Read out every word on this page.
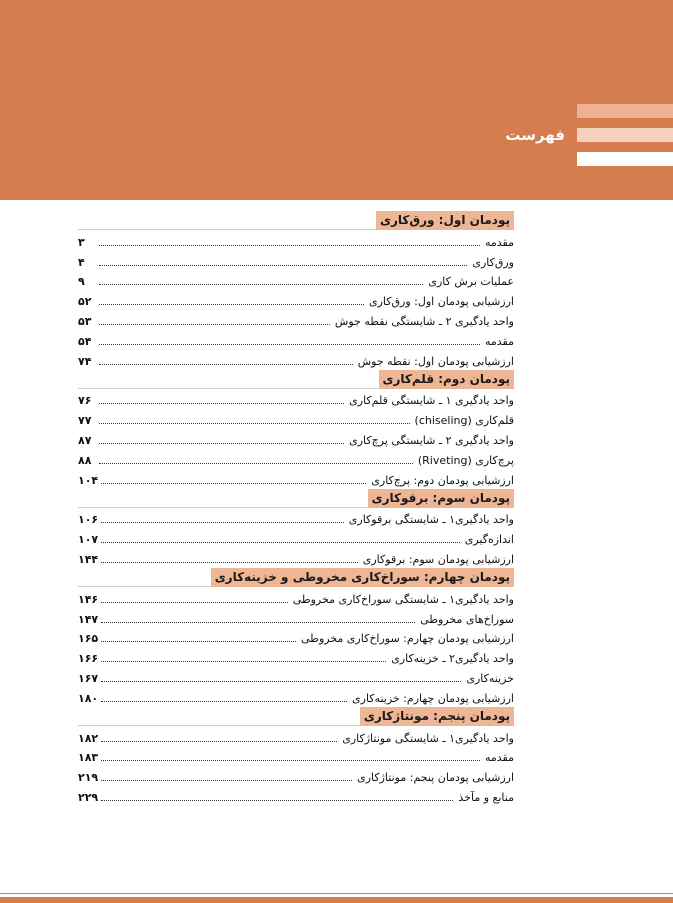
فهرست
پودمان اول: ورق‌کاری
مقدمه
۳
ورق‌کاری
۴
عملیات برش کاری
۹
ارزشیابی پودمان اول: ورق‌کاری
۵۲
واحد یادگیری ۲ ـ شایستگی نقطه جوش
۵۳
مقدمه
۵۴
ارزشیابی پودمان اول: نقطه جوش
۷۴
پودمان دوم: قلم‌کاری
واحد یادگیری ۱ ـ شایستگی قلم‌کاری
۷۶
قلم‌کاری (chiseling)
۷۷
واحد یادگیری ۲ ـ شایستگی پرچ‌کاری
۸۷
پرچ‌کاری (Riveting)
۸۸
ارزشیابی پودمان دوم: پرچ‌کاری
۱۰۴
پودمان سوم: برقوکاری
واحد یادگیری۱ ـ شایستگی برقوکاری
۱۰۶
اندازه‌گیری
۱۰۷
ارزشیابی پودمان سوم: برقوکاری
۱۴۴
پودمان چهارم: سوراخ‌کاری مخروطی و خزینه‌کاری
واحد یادگیری۱ ـ شایستگی سوراخ‌کاری مخروطی
۱۴۶
سوراخ‌های مخروطی
۱۴۷
ارزشیابی پودمان چهارم: سوراخ‌کاری مخروطی
۱۶۵
واحد یادگیری۲ ـ خزینه‌کاری
۱۶۶
خزینه‌کاری
۱۶۷
ارزشیابی پودمان چهارم: خزینه‌کاری
۱۸۰
پودمان پنجم: مونتاژکاری
واحد یادگیری۱ ـ شایستگی مونتاژکاری
۱۸۲
مقدمه
۱۸۳
ارزشیابی پودمان پنجم: مونتاژکاری
۲۱۹
منابع و مآخذ
۲۲۹
